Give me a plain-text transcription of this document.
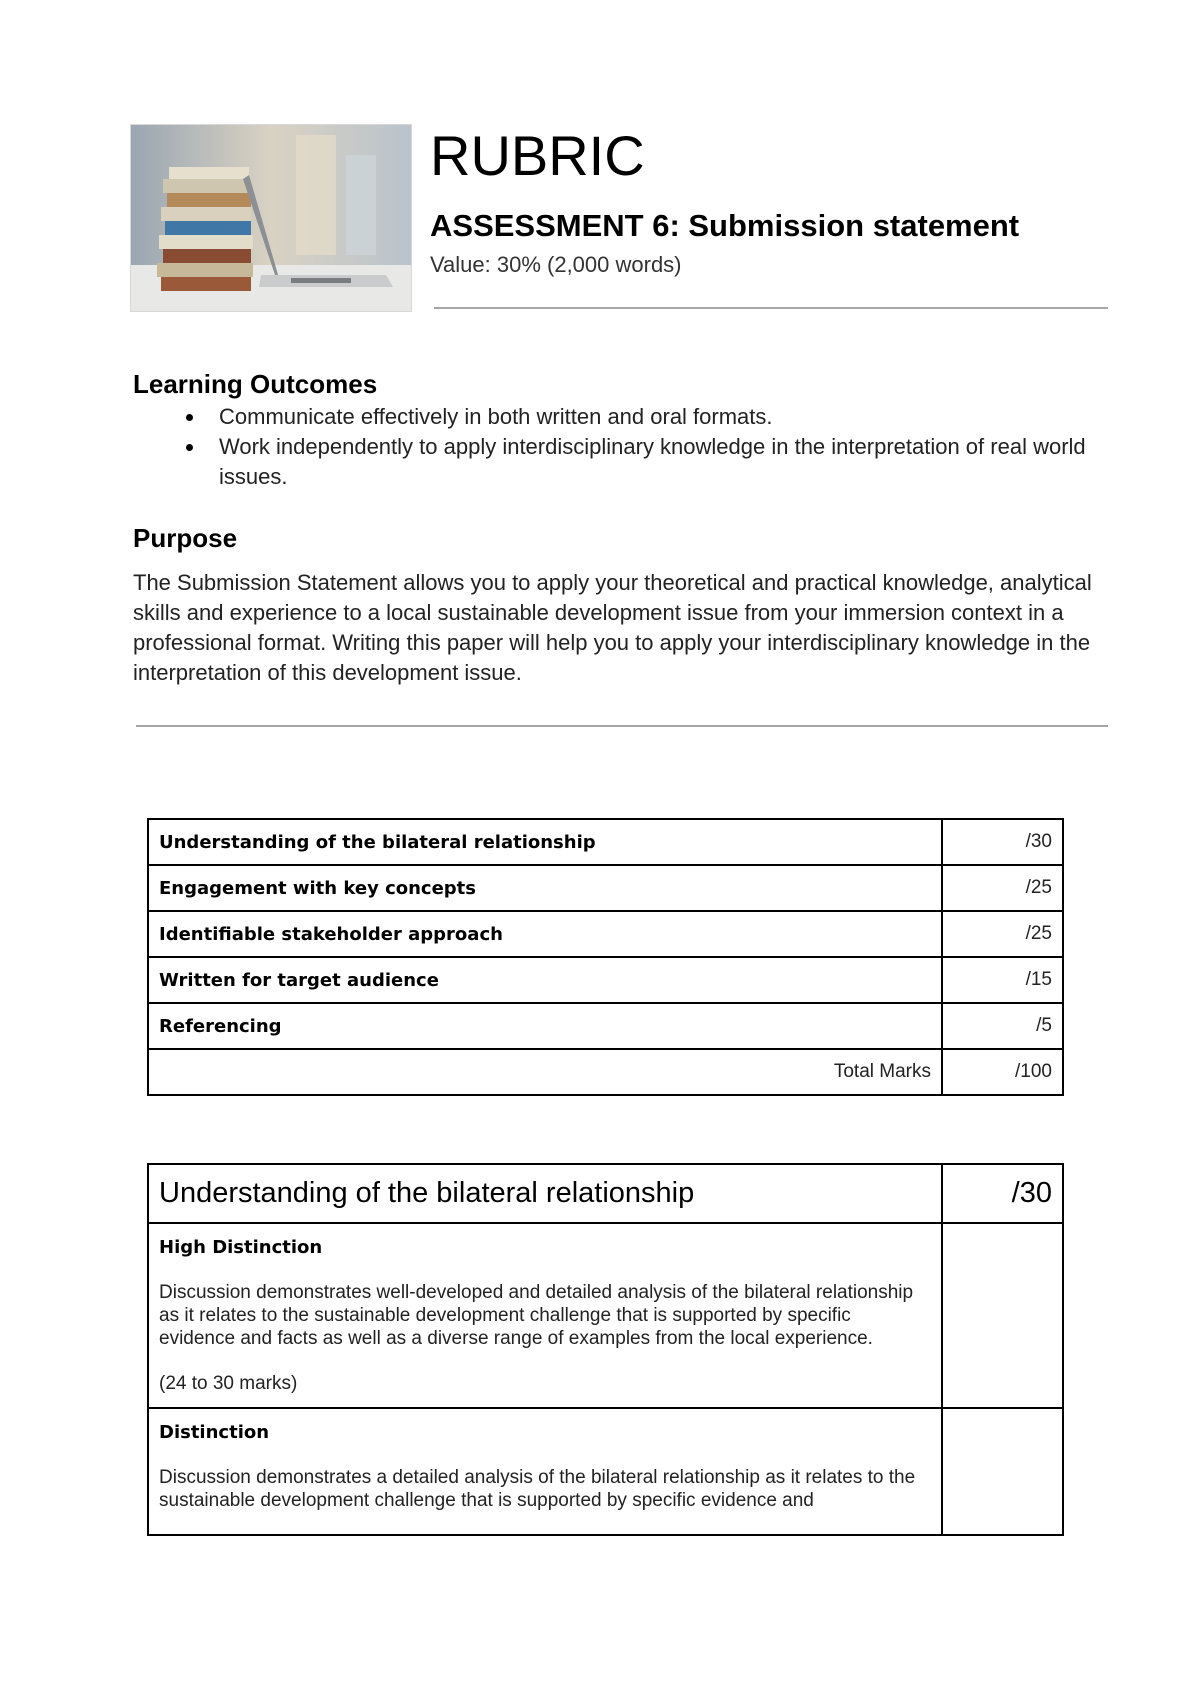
RUBRIC
ASSESSMENT 6: Submission statement
Value: 30% (2,000 words)
Learning Outcomes
Communicate effectively in both written and oral formats.
Work independently to apply interdisciplinary knowledge in the interpretation of real world issues.
Purpose

The Submission Statement allows you to apply your theoretical and practical knowledge, analytical skills and experience to a local sustainable development issue from your immersion context in a professional format. Writing this paper will help you to apply your interdisciplinary knowledge in the interpretation of this development issue.

Understanding of the bilateral relationship	/30
Engagement with key concepts	/25
Identifiable stakeholder approach	/25
Written for target audience	/15
Referencing	/5
Total Marks	/100
Understanding of the bilateral relationship	/30

High Distinction

Discussion demonstrates well-developed and detailed analysis of the bilateral relationship as it relates to the sustainable development challenge that is supported by specific evidence and facts as well as a diverse range of examples from the local experience.

(24 to 30 marks)	

Distinction

Discussion demonstrates a detailed analysis of the bilateral relationship as it relates to the sustainable development challenge that is supported by specific evidence and	
